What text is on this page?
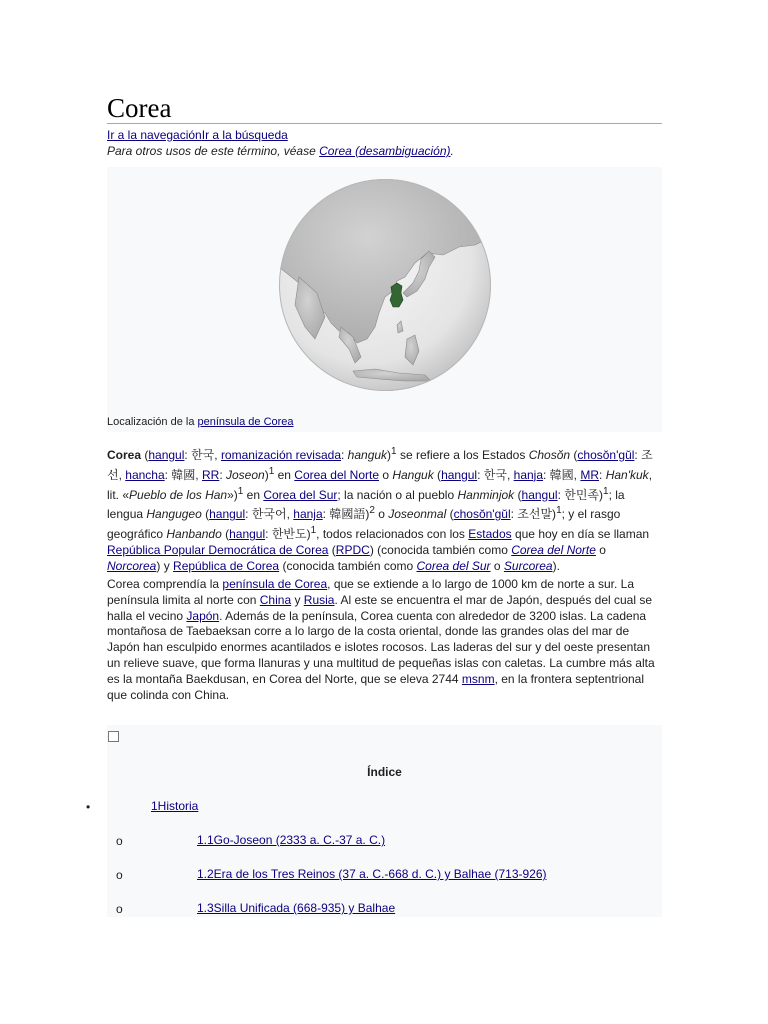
Corea
Ir a la navegaciónIr a la búsqueda
Para otros usos de este término, véase Corea (desambiguación).
Localización de la península de Corea

Corea (hangul: 한국, romanización revisada: hanguk)$^1$ se refiere a los Estados Chosŏn (chosŏn'gŭl: 조선, hancha: 韓國, RR: Joseon)$^1$ en Corea del Norte o Hanguk (hangul: 한국, hanja: 韓國, MR: Han'kuk, lit. «Pueblo de los Han»)$^1$ en Corea del Sur; la nación o al pueblo Hanminjok (hangul: 한민족)$^1$; la lengua Hangugeo (hangul: 한국어, hanja: 韓國語)$^2$ o Joseonmal (chosŏn'gŭl: 조선말)$^1$; y el rasgo geográfico Hanbando (hangul: 한반도)$^1$, todos relacionados con los Estados que hoy en día se llaman República Popular Democrática de Corea (RPDC) (conocida también como Corea del Norte o Norcorea) y República de Corea (conocida también como Corea del Sur o Surcorea).

Corea comprendía la península de Corea, que se extiende a lo largo de 1000 km de norte a sur. La península limita al norte con China y Rusia. Al este se encuentra el mar de Japón, después del cual se halla el vecino Japón. Además de la península, Corea cuenta con alrededor de 3200 islas. La cadena montañosa de Taebaeksan corre a lo largo de la costa oriental, donde las grandes olas del mar de Japón han esculpido enormes acantilados e islotes rocosos. Las laderas del sur y del oeste presentan un relieve suave, que forma llanuras y una multitud de pequeñas islas con caletas. La cumbre más alta es la montaña Baekdusan, en Corea del Norte, que se eleva 2744 msnm, en la frontera septentrional que colinda con China.

Índice
•	1Historia
o	1.1Go-Joseon (2333 a. C.-37 a. C.)
o	1.2Era de los Tres Reinos (37 a. C.-668 d. C.) y Balhae (713-926)
o	1.3Silla Unificada (668-935) y Balhae
